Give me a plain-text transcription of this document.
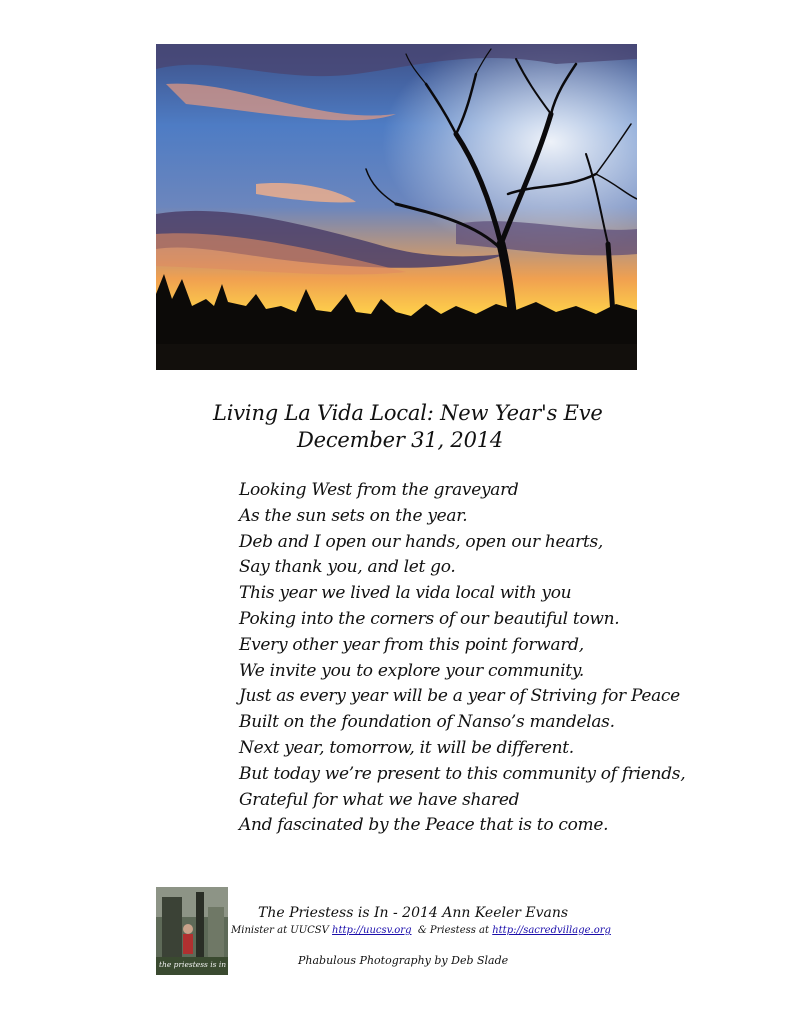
Living La Vida Local: New Year's Eve
December 31, 2014
Looking West from the graveyard
As the sun sets on the year.
Deb and I open our hands, open our hearts,
Say thank you, and let go.
This year we lived la vida local with you
Poking into the corners of our beautiful town.
Every other year from this point forward,
We invite you to explore your community.
Just as every year will be a year of Striving for Peace
Built on the foundation of Nanso’s mandelas.
Next year, tomorrow, it will be different.
But today we’re present to this community of friends,
Grateful for what we have shared
And fascinated by the Peace that is to come.
the priestess is in
The Priestess is In - 2014 Ann Keeler Evans
Minister at UUCSV http://uucsv.org  & Priestess at http://sacredvillage.org
Phabulous Photography by Deb Slade
